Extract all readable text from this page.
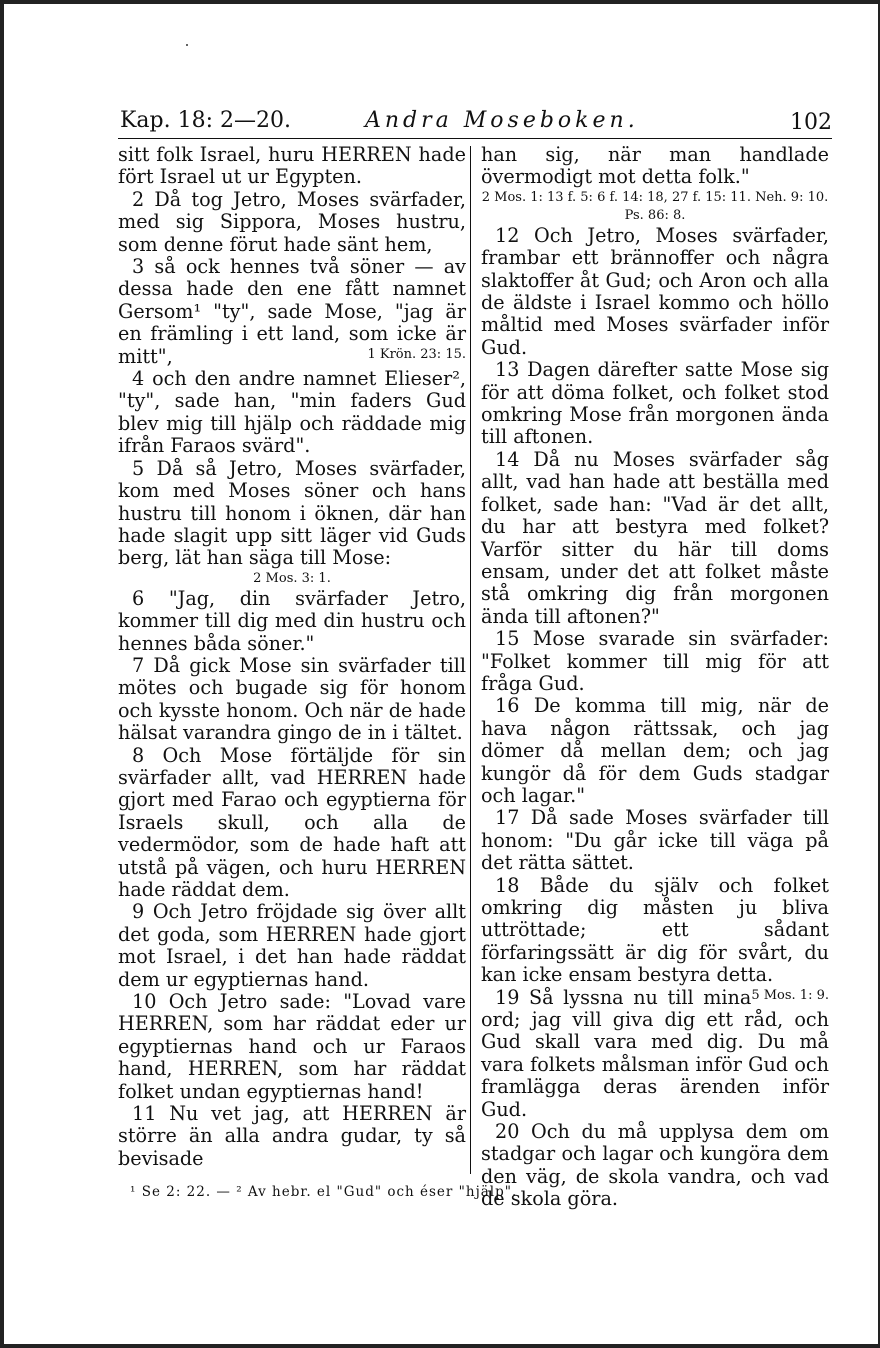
Kap. 18: 2—20.	Andra Moseboken.	102

sitt folk Israel, huru HERREN hade fört Israel ut ur Egypten.

2 Då tog Jetro, Moses svärfader, med sig Sippora, Moses hustru, som denne förut hade sänt hem,

3 så ock hennes två söner — av dessa hade den ene fått namnet Gersom¹ "ty", sade Mose, "jag är en främling i ett land, som icke är mitt",	1 Krön. 23: 15.

4 och den andre namnet Elieser², "ty", sade han, "min faders Gud blev mig till hjälp och räddade mig ifrån Faraos svärd".

5 Då så Jetro, Moses svärfader, kom med Moses söner och hans hustru till honom i öknen, där han hade slagit upp sitt läger vid Guds berg, lät han säga till Mose:

2 Mos. 3: 1.

6 "Jag, din svärfader Jetro, kommer till dig med din hustru och hennes båda söner."

7 Då gick Mose sin svärfader till mötes och bugade sig för honom och kysste honom. Och när de hade hälsat varandra gingo de in i tältet.

8 Och Mose förtäljde för sin svärfader allt, vad HERREN hade gjort med Farao och egyptierna för Israels skull, och alla de vedermödor, som de hade haft att utstå på vägen, och huru HERREN hade räddat dem.

9 Och Jetro fröjdade sig över allt det goda, som HERREN hade gjort mot Israel, i det han hade räddat dem ur egyptiernas hand.

10 Och Jetro sade: "Lovad vare HERREN, som har räddat eder ur egyptiernas hand och ur Faraos hand, HERREN, som har räddat folket undan egyptiernas hand!

11 Nu vet jag, att HERREN är större än alla andra gudar, ty så bevisade

han sig, när man handlade övermodigt mot detta folk."

2 Mos. 1: 13 f. 5: 6 f. 14: 18, 27 f. 15: 11. Neh. 9: 10. Ps. 86: 8.

12 Och Jetro, Moses svärfader, frambar ett brännoffer och några slaktoffer åt Gud; och Aron och alla de äldste i Israel kommo och höllo måltid med Moses svärfader inför Gud.

13 Dagen därefter satte Mose sig för att döma folket, och folket stod omkring Mose från morgonen ända till aftonen.

14 Då nu Moses svärfader såg allt, vad han hade att beställa med folket, sade han: "Vad är det allt, du har att bestyra med folket? Varför sitter du här till doms ensam, under det att folket måste stå omkring dig från morgonen ända till aftonen?"

15 Mose svarade sin svärfader: "Folket kommer till mig för att fråga Gud.

16 De komma till mig, när de hava någon rättssak, och jag dömer då mellan dem; och jag kungör då för dem Guds stadgar och lagar."

17 Då sade Moses svärfader till honom: "Du går icke till väga på det rätta sättet.

18 Både du själv och folket omkring dig måsten ju bliva uttröttade; ett sådant förfaringssätt är dig för svårt, du kan icke ensam bestyra detta.
5 Mos. 1: 9.

19 Så lyssna nu till mina ord; jag vill giva dig ett råd, och Gud skall vara med dig. Du må vara folkets målsman inför Gud och framlägga deras ärenden inför Gud.

20 Och du må upplysa dem om stadgar och lagar och kungöra dem den väg, de skola vandra, och vad de skola göra.

¹ Se 2: 22. — ² Av hebr. el "Gud" och éser "hjälp".
